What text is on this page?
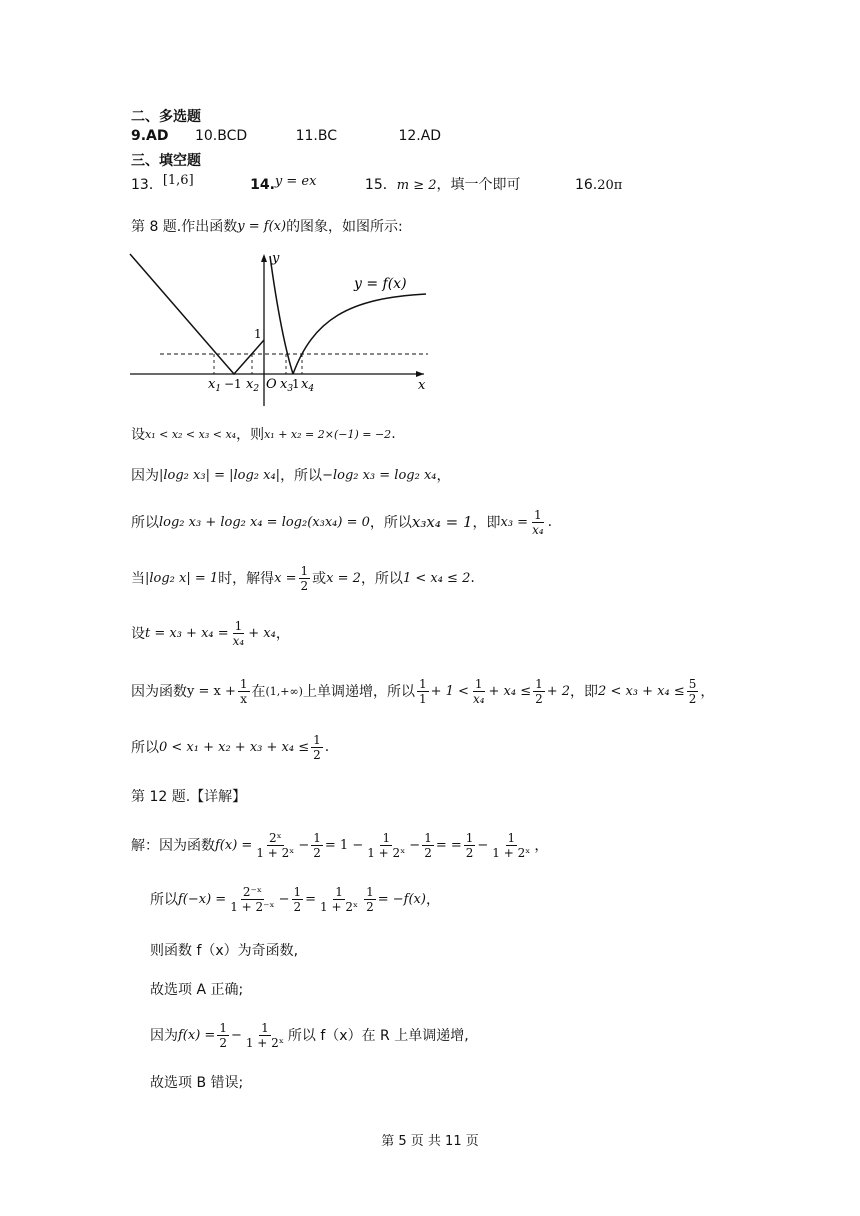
二、多选题
9.AD 10.BCD	11.BC	12.AD
三、填空题
13．[1,6]	14.y = ex	15．m ≥ 2，填一个即可	16.20π
第 8 题.作出函数 y = f(x) 的图象，如图所示:
y
x
y = f(x)
1
O
$x_1 -1$ $x_2$ $x_3$
1 $x_4$
设 x₁ < x₂ < x₃ < x₄ ，则 x₁ + x₂ = 2×(−1) = −2 .
因为 |log₂ x₃| = |log₂ x₄| ，所以 −log₂ x₃ = log₂ x₄ ，
所以 log₂ x₃ + log₂ x₄ = log₂(x₃x₄) = 0 ，所以 x₃x₄ = 1 ，即 $x_3 = \frac{1}{\text{x₄}}$ .
当 |log₂ x| = 1 时，解得 $x = \frac{1}{2}$ 或 x = 2 ，所以 1 < x₄ ≤ 2 .
设 $t = x_3 + x_4 = \frac{1}{\text{x₄}} + x_4$ ，
因为函数 $y = x + \frac{1}{x}$ 在 (1,+∞) 上单调递增，所以 $\frac{1}{1} + 1 < \frac{1}{\text{x₄}} + x_4 \le \frac{1}{2} + 2$ ，即 $2 < x_3 + x_4 \le \frac{5}{2}$ ，
所以 $0 < x_1 + x_2 + x_3 + x_4 \le \frac{1}{2}$ .
第 12 题.【详解】
解：因为函数 $f(x) = \frac{\text{2ˣ}}{\text{1 + 2ˣ}} - \frac{1}{2} = 1 - \frac{1}{\text{1 + 2ˣ}} - \frac{1}{2}$ = = $\frac{1}{2} - \frac{1}{\text{1 + 2ˣ}}$ ，
所以 $f(-x) = \frac{\text{2⁻ˣ}}{\text{1 + 2⁻ˣ}} - \frac{1}{2} = \frac{1}{\text{1 + 2ˣ}} \frac{1}{2} = -f(x)$ ，
则函数 f（x）为奇函数,
故选项 A 正确;
因为 $f(x) = \frac{1}{2} - \frac{1}{\text{1 + 2ˣ}}$ 所以 f（x）在 R 上单调递增,
故选项 B 错误;
第 5 页 共 11 页
